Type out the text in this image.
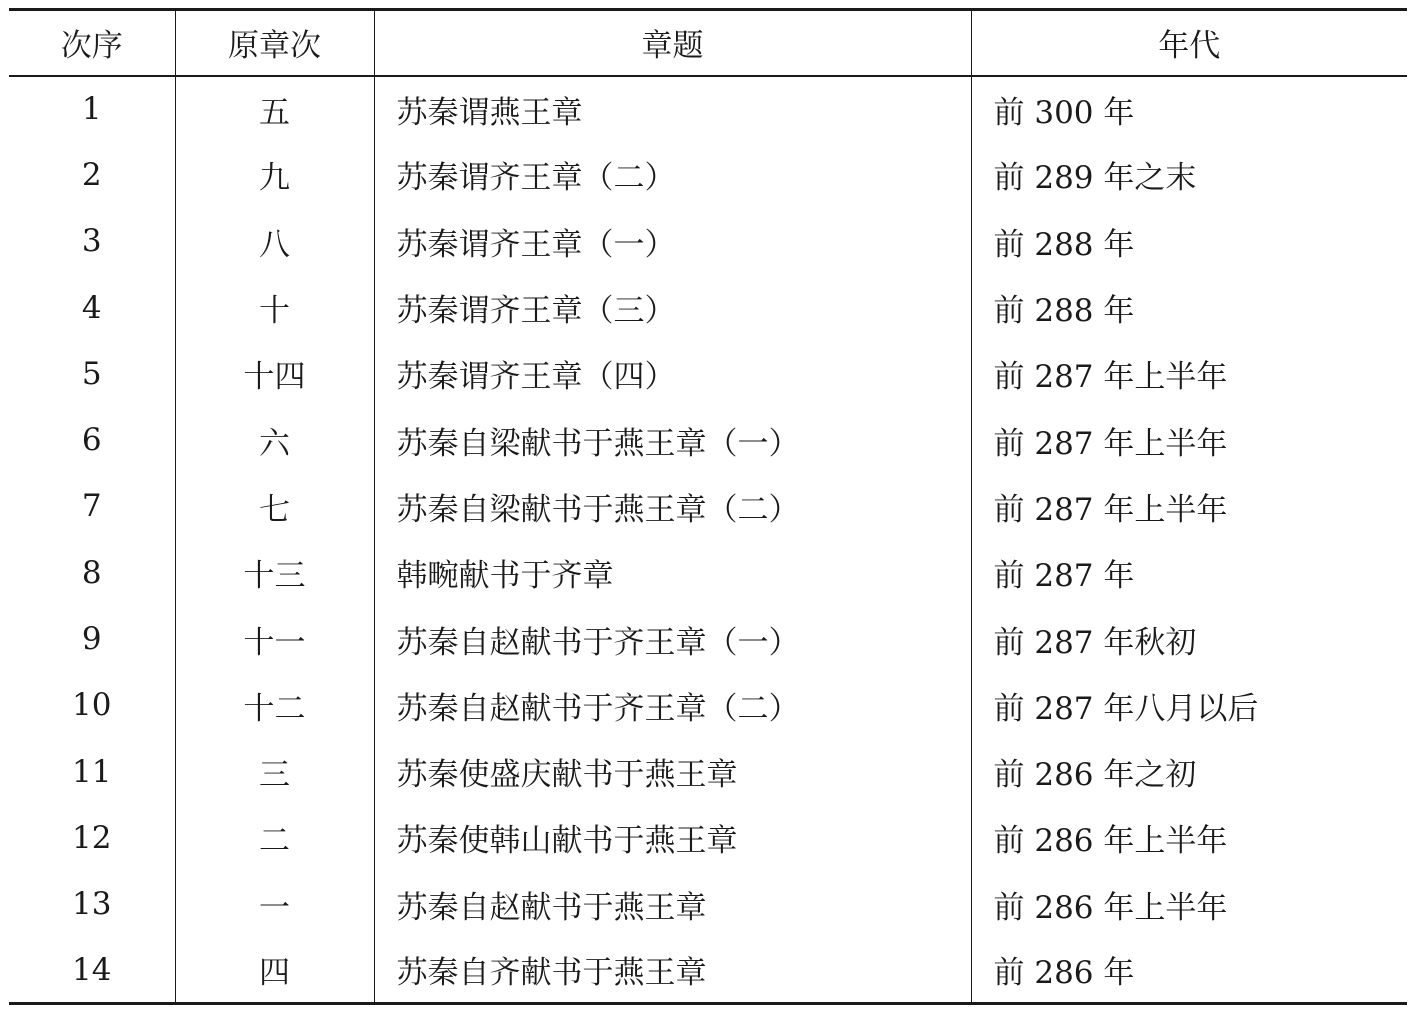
次序	原章次	章题	年代
1	五	苏秦谓燕王章	前 300 年
2	九	苏秦谓齐王章（二）	前 289 年之末
3	八	苏秦谓齐王章（一）	前 288 年
4	十	苏秦谓齐王章（三）	前 288 年
5	十四	苏秦谓齐王章（四）	前 287 年上半年
6	六	苏秦自梁献书于燕王章（一）	前 287 年上半年
7	七	苏秦自梁献书于燕王章（二）	前 287 年上半年
8	十三	韩畹献书于齐章	前 287 年
9	十一	苏秦自赵献书于齐王章（一）	前 287 年秋初
10	十二	苏秦自赵献书于齐王章（二）	前 287 年八月以后
11	三	苏秦使盛庆献书于燕王章	前 286 年之初
12	二	苏秦使韩山献书于燕王章	前 286 年上半年
13	一	苏秦自赵献书于燕王章	前 286 年上半年
14	四	苏秦自齐献书于燕王章	前 286 年
